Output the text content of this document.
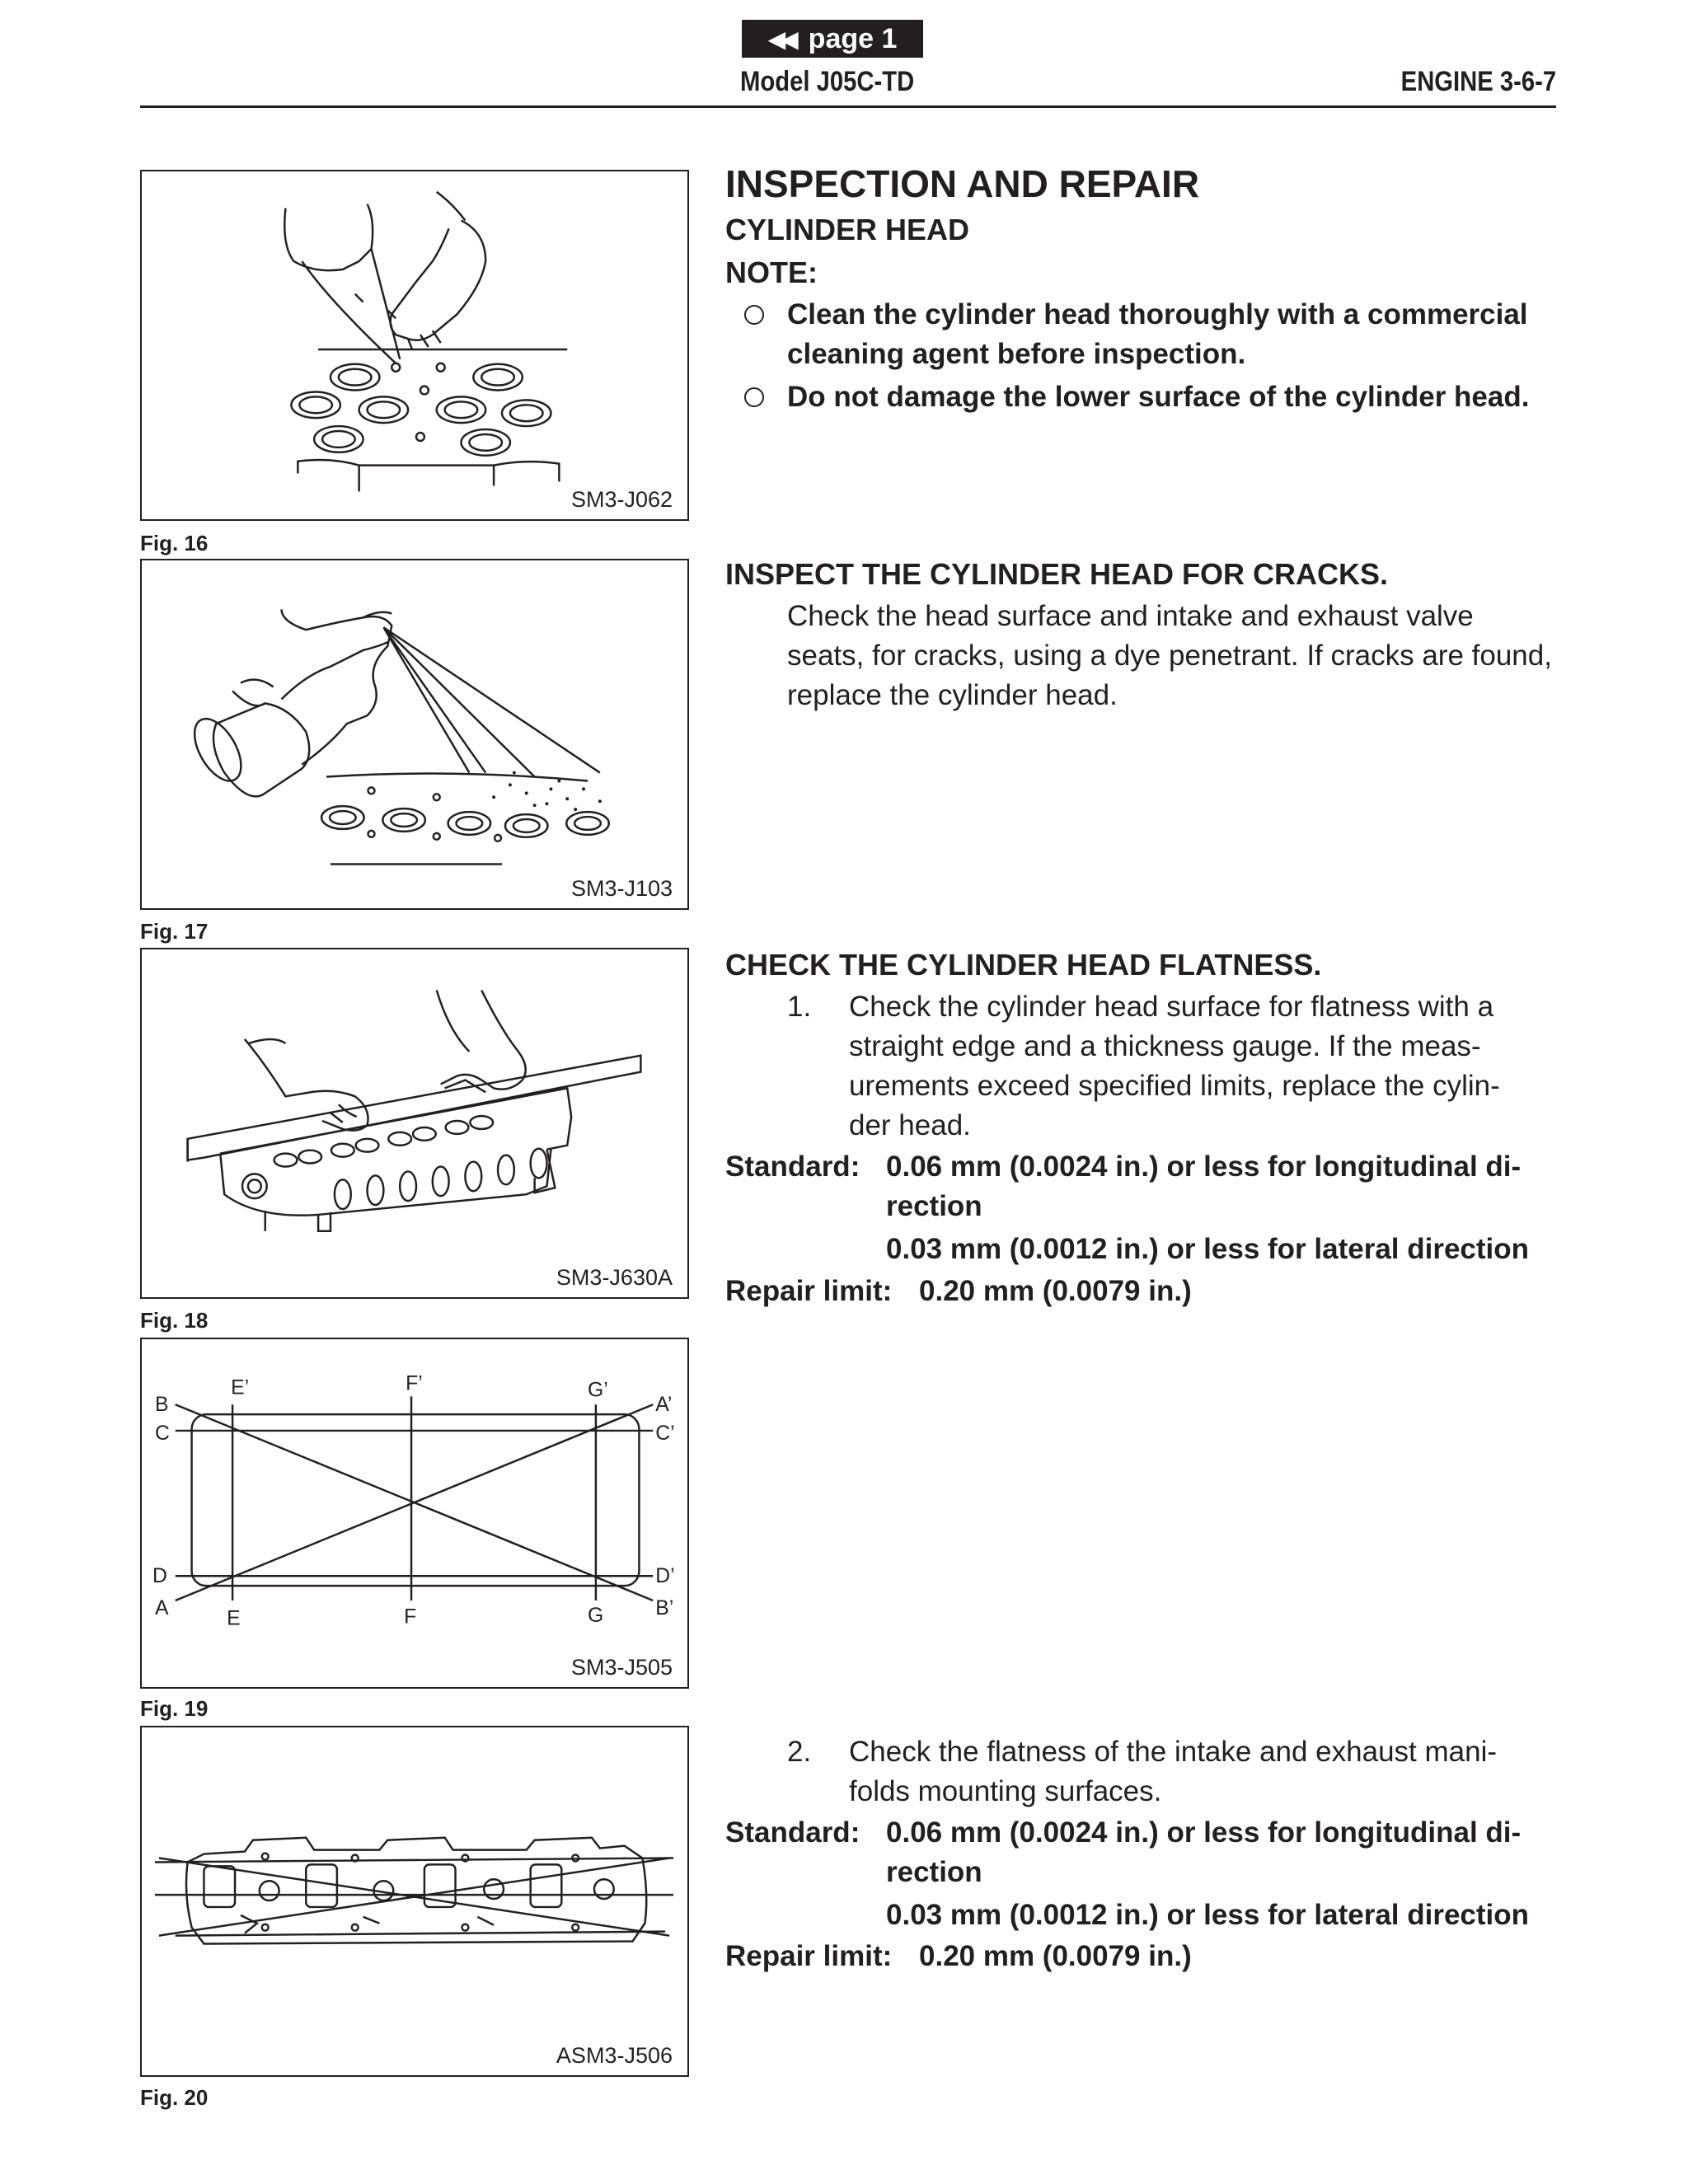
◀◀ page 1
Model J05C-TD	ENGINE 3-6-7
SM3-J062
Fig. 16
SM3-J103
Fig. 17
SM3-J630A
Fig. 18
B
C
D
A	E	F	G
E’	F’	G’
A’
C’
D’
B’
SM3-J505
Fig. 19
ASM3-J506
Fig. 20
INSPECTION AND REPAIR
CYLINDER HEAD
NOTE:
Clean the cylinder head thoroughly with a commercial
cleaning agent before inspection.
Do not damage the lower surface of the cylinder head.
INSPECT THE CYLINDER HEAD FOR CRACKS.
Check the head surface and intake and exhaust valve
seats, for cracks, using a dye penetrant. If cracks are found,
replace the cylinder head.
CHECK THE CYLINDER HEAD FLATNESS.
1. Check the cylinder head surface for flatness with a
straight edge and a thickness gauge. If the meas-
urements exceed specified limits, replace the cylin-
der head.
Standard: 0.06 mm (0.0024 in.) or less for longitudinal di-
rection
0.03 mm (0.0012 in.) or less for lateral direction
Repair limit: 0.20 mm (0.0079 in.)
2. Check the flatness of the intake and exhaust mani-
folds mounting surfaces.
Standard: 0.06 mm (0.0024 in.) or less for longitudinal di-
rection
0.03 mm (0.0012 in.) or less for lateral direction
Repair limit: 0.20 mm (0.0079 in.)
